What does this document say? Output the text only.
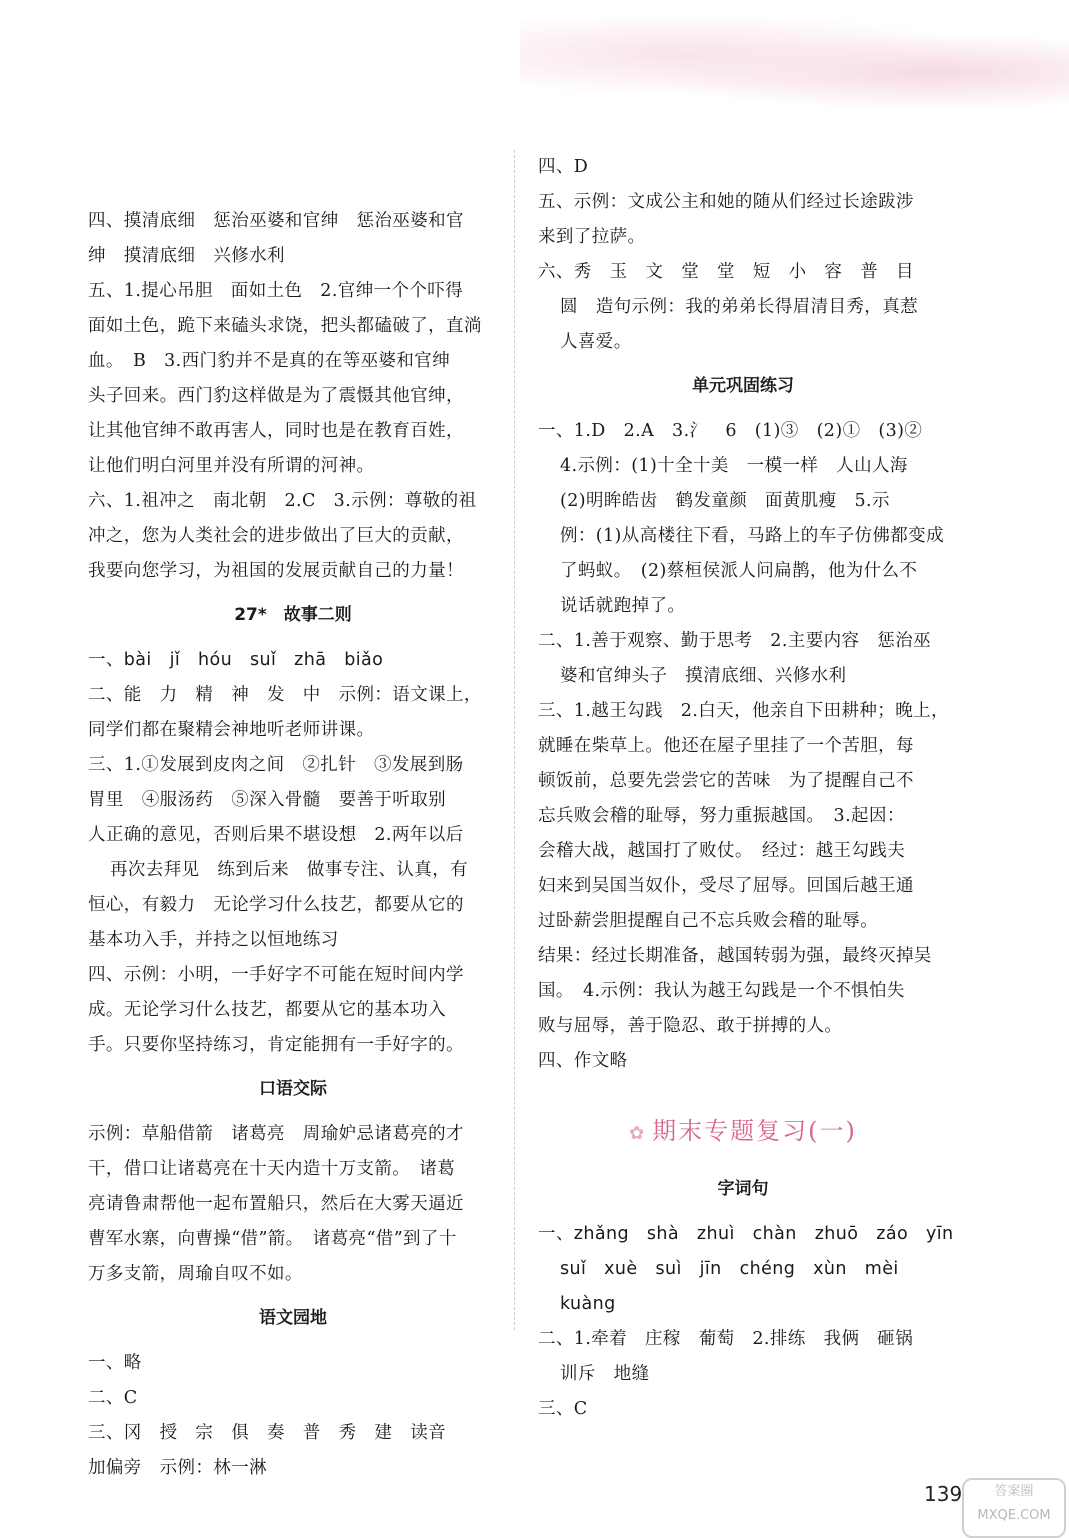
四、摸清底细　惩治巫婆和官绅　惩治巫婆和官
绅　摸清底细　兴修水利
五、1.提心吊胆　面如土色　2.官绅一个个吓得
面如土色，跪下来磕头求饶，把头都磕破了，直淌
血。　B　3.西门豹并不是真的在等巫婆和官绅
头子回来。西门豹这样做是为了震慑其他官绅，
让其他官绅不敢再害人，同时也是在教育百姓，
让他们明白河里并没有所谓的河神。
六、1.祖冲之　南北朝　2.C　3.示例：尊敬的祖
冲之，您为人类社会的进步做出了巨大的贡献，
我要向您学习，为祖国的发展贡献自己的力量！
27*　故事二则
一、bài　jǐ　hóu　suǐ　zhā　biǎo
二、能　力　精　神　发　中　示例：语文课上，
同学们都在聚精会神地听老师讲课。
三、1.①发展到皮肉之间　②扎针　③发展到肠
胃里　④服汤药　⑤深入骨髓　要善于听取别
人正确的意见，否则后果不堪设想　2.两年以后
再次去拜见　练到后来　做事专注、认真，有
恒心，有毅力　无论学习什么技艺，都要从它的
基本功入手，并持之以恒地练习
四、示例：小明，一手好字不可能在短时间内学
成。无论学习什么技艺，都要从它的基本功入
手。只要你坚持练习，肯定能拥有一手好字的。
口语交际
示例：草船借箭　诸葛亮　周瑜妒忌诸葛亮的才
干，借口让诸葛亮在十天内造十万支箭。　诸葛
亮请鲁肃帮他一起布置船只，然后在大雾天逼近
曹军水寨，向曹操“借”箭。　诸葛亮“借”到了十
万多支箭，周瑜自叹不如。
语文园地
一、略
二、C
三、冈　授　宗　俱　奏　普　秀　建　读音
加偏旁　示例：林一淋
四、D
五、示例：文成公主和她的随从们经过长途跋涉
来到了拉萨。
六、秀　玉　文　堂　堂　短　小　容　普　目
圆　造句示例：我的弟弟长得眉清目秀，真惹
人喜爱。
单元巩固练习
一、1.D　2.A　3.氵　6　(1)③　(2)①　(3)②
4.示例：(1)十全十美　一模一样　人山人海
(2)明眸皓齿　鹤发童颜　面黄肌瘦　5.示
例：(1)从高楼往下看，马路上的车子仿佛都变成
了蚂蚁。　(2)蔡桓侯派人问扁鹊，他为什么不
说话就跑掉了。
二、1.善于观察、勤于思考　2.主要内容　惩治巫
婆和官绅头子　摸清底细、兴修水利
三、1.越王勾践　2.白天，他亲自下田耕种；晚上，
就睡在柴草上。他还在屋子里挂了一个苦胆，每
顿饭前，总要先尝尝它的苦味　为了提醒自己不
忘兵败会稽的耻辱，努力重振越国。　3.起因：
会稽大战，越国打了败仗。　经过：越王勾践夫
妇来到吴国当奴仆，受尽了屈辱。回国后越王通
过卧薪尝胆提醒自己不忘兵败会稽的耻辱。
结果：经过长期准备，越国转弱为强，最终灭掉吴
国。　4.示例：我认为越王勾践是一个不惧怕失
败与屈辱，善于隐忍、敢于拼搏的人。
四、作文略
✿ 期末专题复习(一)
字词句
一、zhǎng　shà　zhuì　chàn　zhuō　záo　yīn
suǐ　xuè　suì　jīn　chéng　xùn　mèi
kuàng
二、1.牵着　庄稼　葡萄　2.排练　我俩　砸锅
训斥　地缝
三、C
139	答案圈 MXQE.COM
